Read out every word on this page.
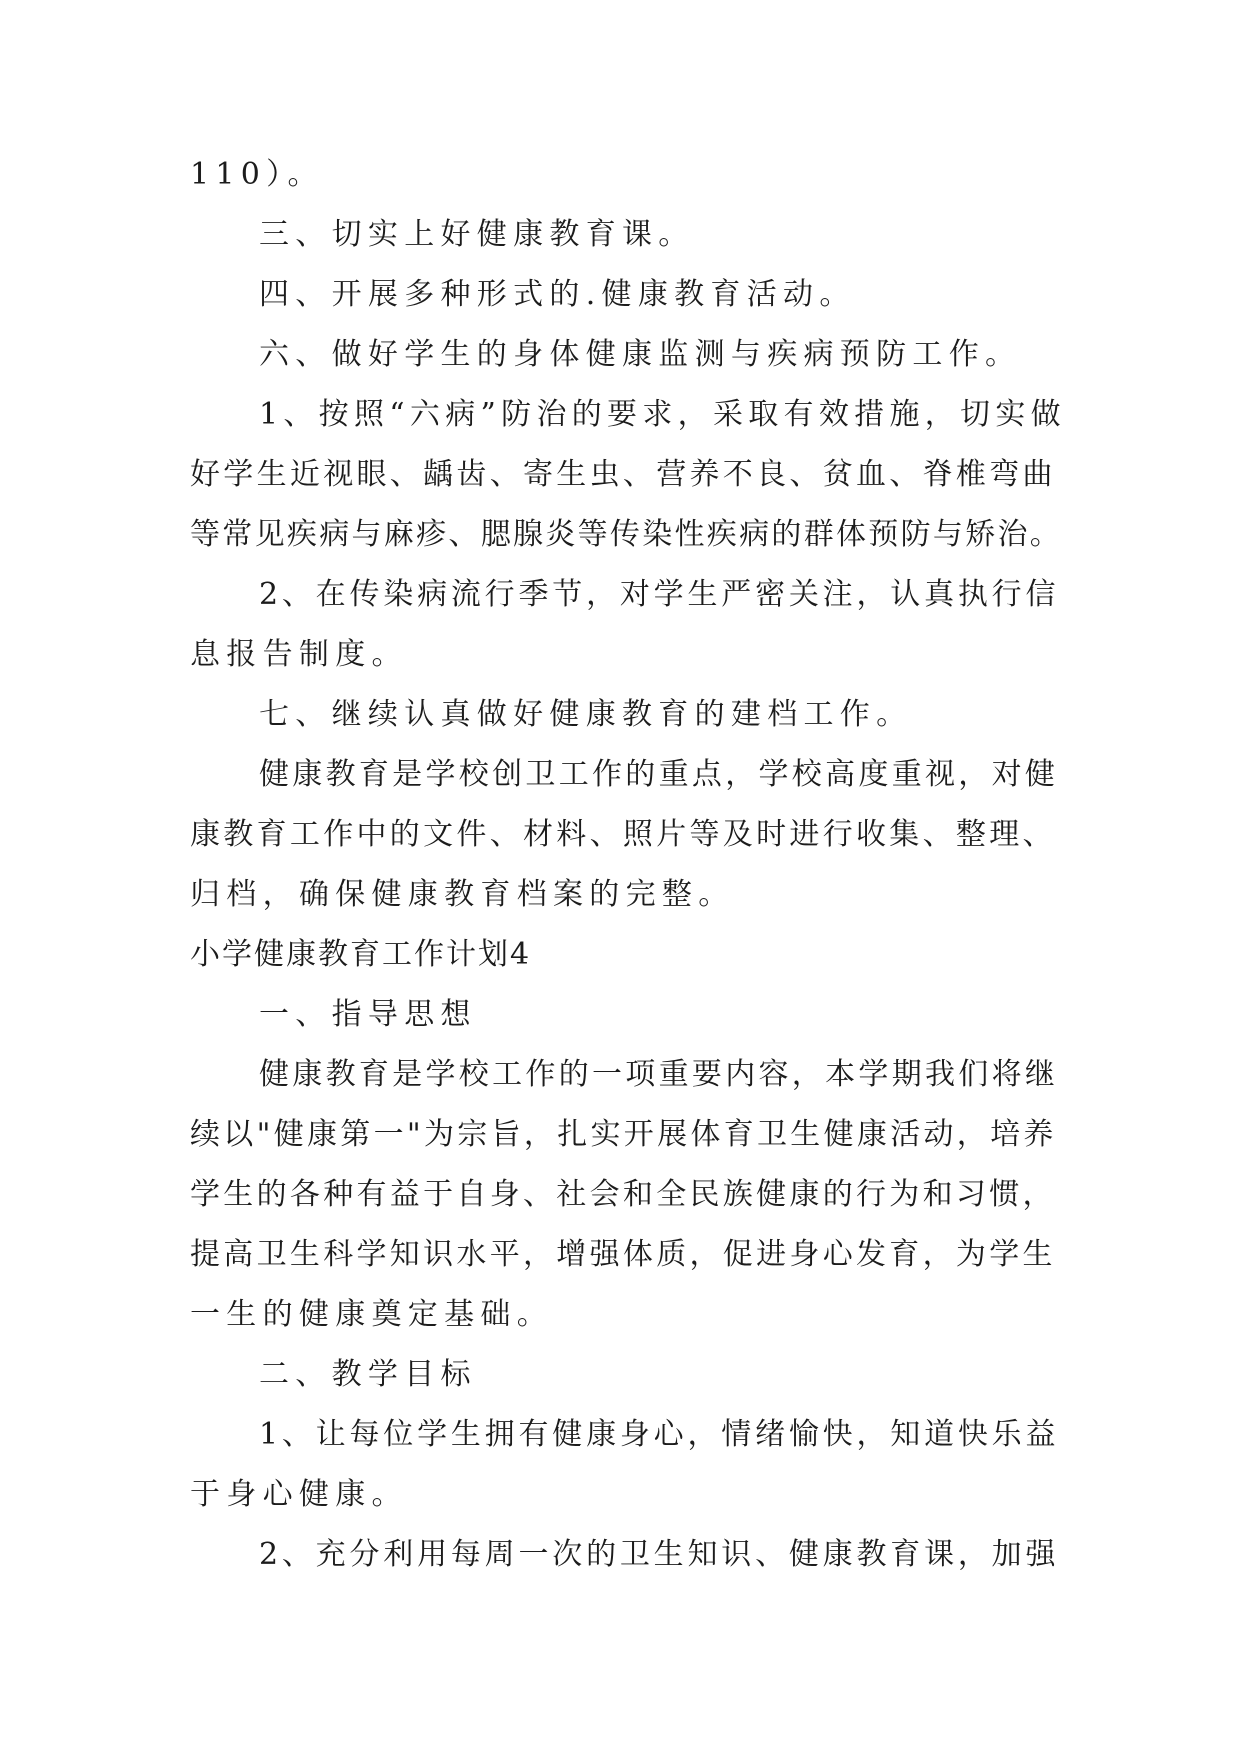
110）。

三、切实上好健康教育课。

四、开展多种形式的.健康教育活动。

六、做好学生的身体健康监测与疾病预防工作。

1、按照“六病”防治的要求，采取有效措施，切实做

好学生近视眼、龋齿、寄生虫、营养不良、贫血、脊椎弯曲

等常见疾病与麻疹、腮腺炎等传染性疾病的群体预防与矫治。

2、在传染病流行季节，对学生严密关注，认真执行信

息报告制度。

七、继续认真做好健康教育的建档工作。

健康教育是学校创卫工作的重点，学校高度重视，对健

康教育工作中的文件、材料、照片等及时进行收集、整理、

归档，确保健康教育档案的完整。

小学健康教育工作计划4

一、指导思想

健康教育是学校工作的一项重要内容，本学期我们将继

续以"健康第一"为宗旨，扎实开展体育卫生健康活动，培养

学生的各种有益于自身、社会和全民族健康的行为和习惯，

提高卫生科学知识水平，增强体质，促进身心发育，为学生

一生的健康奠定基础。

二、教学目标

1、让每位学生拥有健康身心，情绪愉快，知道快乐益

于身心健康。

2、充分利用每周一次的卫生知识、健康教育课，加强
